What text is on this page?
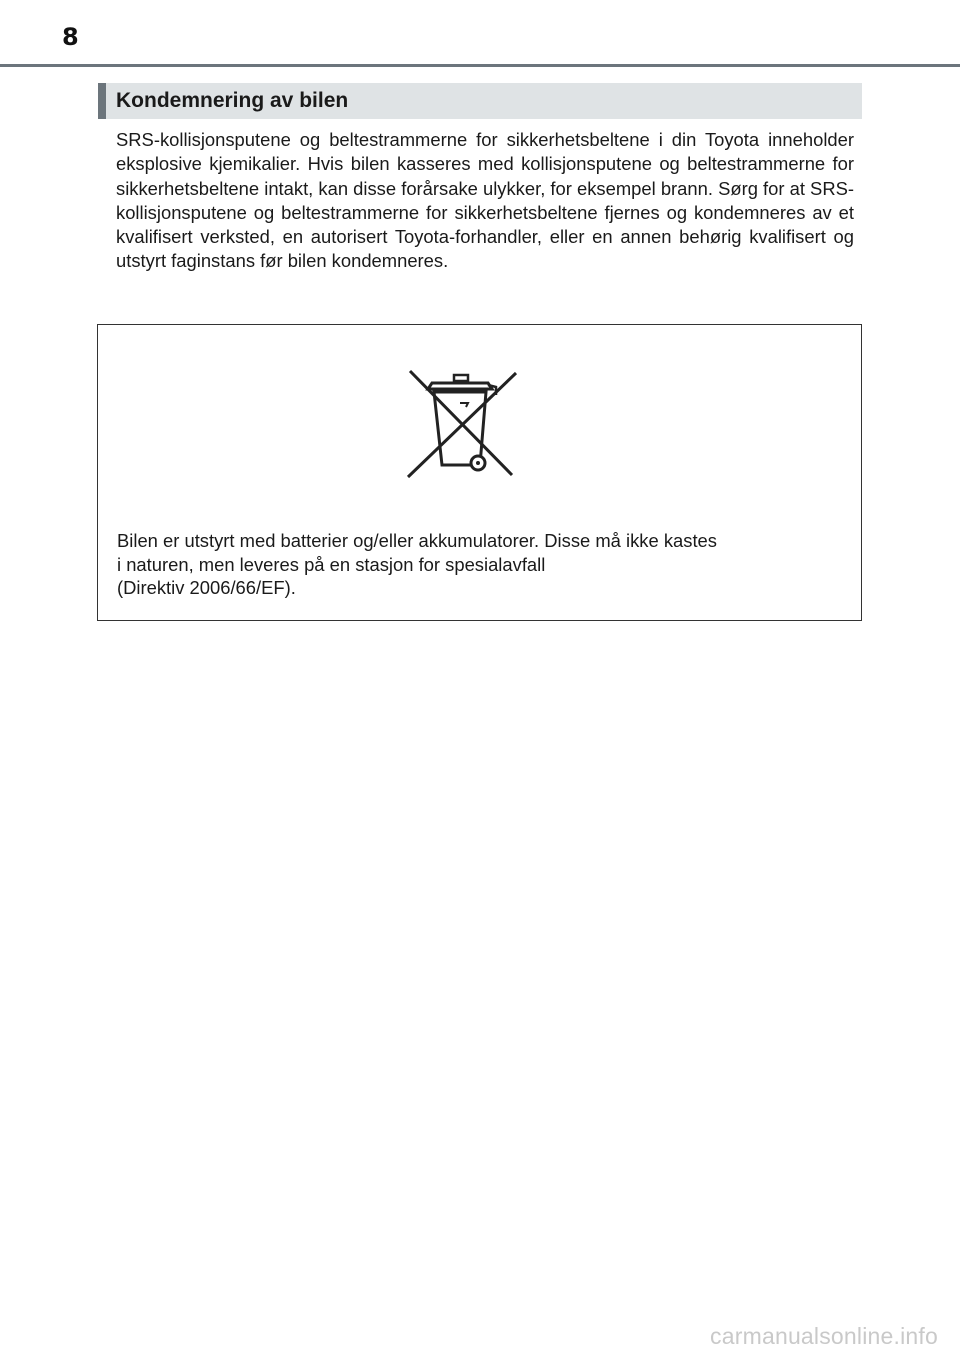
8
Kondemnering av bilen

SRS-kollisjonsputene og beltestrammerne for sikkerhetsbeltene i din Toyota inneholder eksplosive kjemikalier. Hvis bilen kasseres med kollisjonsputene og beltestrammerne for sikkerhetsbeltene intakt, kan disse forårsake ulykker, for eksempel brann. Sørg for at SRS-kollisjonsputene og beltestrammerne for sikkerhetsbeltene fjernes og kondemneres av et kvalifisert verksted, en autorisert Toyota-forhandler, eller en annen behørig kvalifisert og utstyrt faginstans før bilen kondemneres.

Bilen er utstyrt med batterier og/eller akkumulatorer. Disse må ikke kastes
i naturen, men leveres på en stasjon for spesialavfall
(Direktiv 2006/66/EF).

carmanualsonline.info
